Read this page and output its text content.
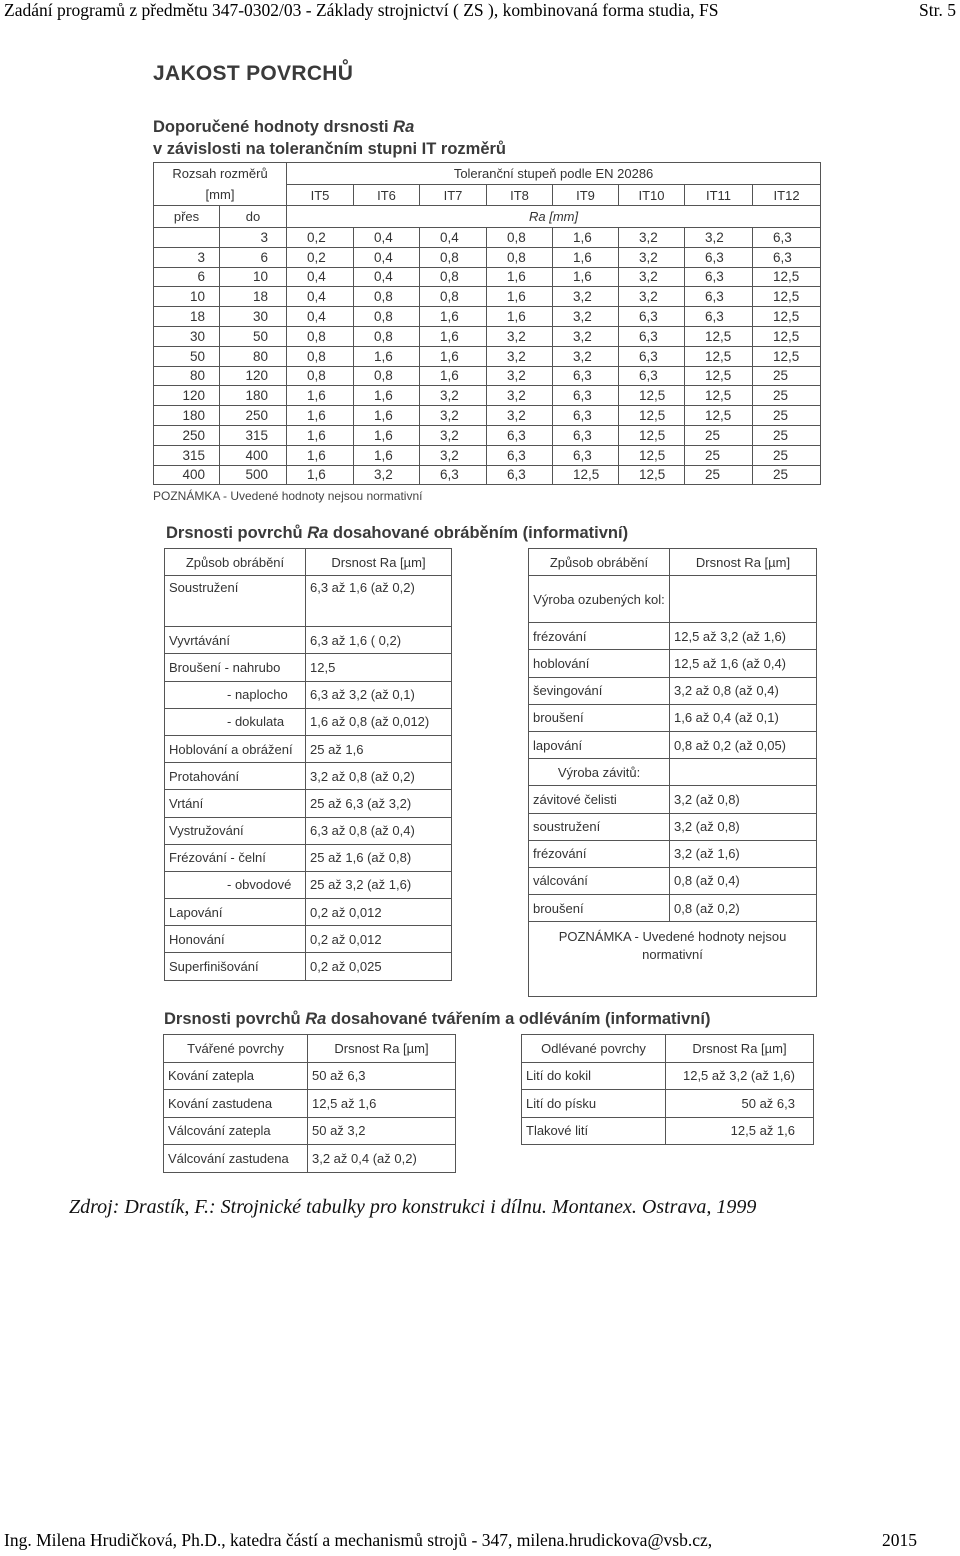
Zadání programů z předmětu 347-0302/03 - Základy strojnictví ( ZS ), kombinovaná forma studia, FS	Str. 5
JAKOST POVRCHŮ
Doporučené hodnoty drsnosti Ra
v závislosti na tolerančním stupni IT rozměrů
Rozsah rozměrů		Toleranční stupeň podle EN 20286							
[mm]		IT5	IT6	IT7	IT8	IT9	IT10	IT11	IT12
přes	do	Ra [mm]							
	3	0,2	0,4	0,4	0,8	1,6	3,2	3,2	6,3
3	6	0,2	0,4	0,8	0,8	1,6	3,2	6,3	6,3
6	10	0,4	0,4	0,8	1,6	1,6	3,2	6,3	12,5
10	18	0,4	0,8	0,8	1,6	3,2	3,2	6,3	12,5
18	30	0,4	0,8	1,6	1,6	3,2	6,3	6,3	12,5
30	50	0,8	0,8	1,6	3,2	3,2	6,3	12,5	12,5
50	80	0,8	1,6	1,6	3,2	3,2	6,3	12,5	12,5
80	120	0,8	0,8	1,6	3,2	6,3	6,3	12,5	25
120	180	1,6	1,6	3,2	3,2	6,3	12,5	12,5	25
180	250	1,6	1,6	3,2	3,2	6,3	12,5	12,5	25
250	315	1,6	1,6	3,2	6,3	6,3	12,5	25	25
315	400	1,6	1,6	3,2	6,3	6,3	12,5	25	25
400	500	1,6	3,2	6,3	6,3	12,5	12,5	25	25
POZNÁMKA - Uvedené hodnoty nejsou normativní
Drsnosti povrchů Ra dosahované obráběním (informativní)
Způsob obrábění	Drsnost Ra [µm]
Soustružení	6,3 až 1,6 (až 0,2)
Vyvrtávání	6,3 až 1,6 ( 0,2)
Broušení - nahrubo	12,5
- naplocho	6,3 až 3,2 (až 0,1)
- dokulata	1,6 až 0,8 (až 0,012)
Hoblování a obrážení	25 až 1,6
Protahování	3,2 až 0,8 (až 0,2)
Vrtání	25 až 6,3 (až 3,2)
Vystružování	6,3 až 0,8 (až 0,4)
Frézování - čelní	25 až 1,6 (až 0,8)
- obvodové	25 až 3,2 (až 1,6)
Lapování	0,2 až 0,012
Honování	0,2 až 0,012
Superfinišování	0,2 až 0,025
Způsob obrábění	Drsnost Ra [µm]
Výroba ozubených kol:	
frézování	12,5 až 3,2 (až 1,6)
hoblování	12,5 až 1,6 (až 0,4)
ševingování	3,2 až 0,8 (až 0,4)
broušení	1,6 až 0,4 (až 0,1)
lapování	0,8 až 0,2 (až 0,05)
Výroba závitů:	
závitové čelisti	3,2 (až 0,8)
soustružení	3,2 (až 0,8)
frézování	3,2 (až 1,6)
válcování	0,8 (až 0,4)
broušení	0,8 (až 0,2)
POZNÁMKA - Uvedené hodnoty nejsou normativní	
Drsnosti povrchů Ra dosahované tvářením a odléváním (informativní)
Tvářené povrchy	Drsnost Ra [µm]
Kování zatepla	50 až 6,3
Kování zastudena	12,5 až 1,6
Válcování zatepla	50 až 3,2
Válcování zastudena	3,2 až 0,4 (až 0,2)
Odlévané povrchy	Drsnost Ra [µm]
Lití do kokil	12,5 až 3,2 (až 1,6)
Lití do písku	50 až 6,3
Tlakové lití	12,5 až 1,6
Zdroj: Drastík, F.: Strojnické tabulky pro konstrukci i dílnu. Montanex. Ostrava, 1999
Ing. Milena Hrudičková, Ph.D., katedra částí a mechanismů strojů - 347, milena.hrudickova@vsb.cz,	2015
